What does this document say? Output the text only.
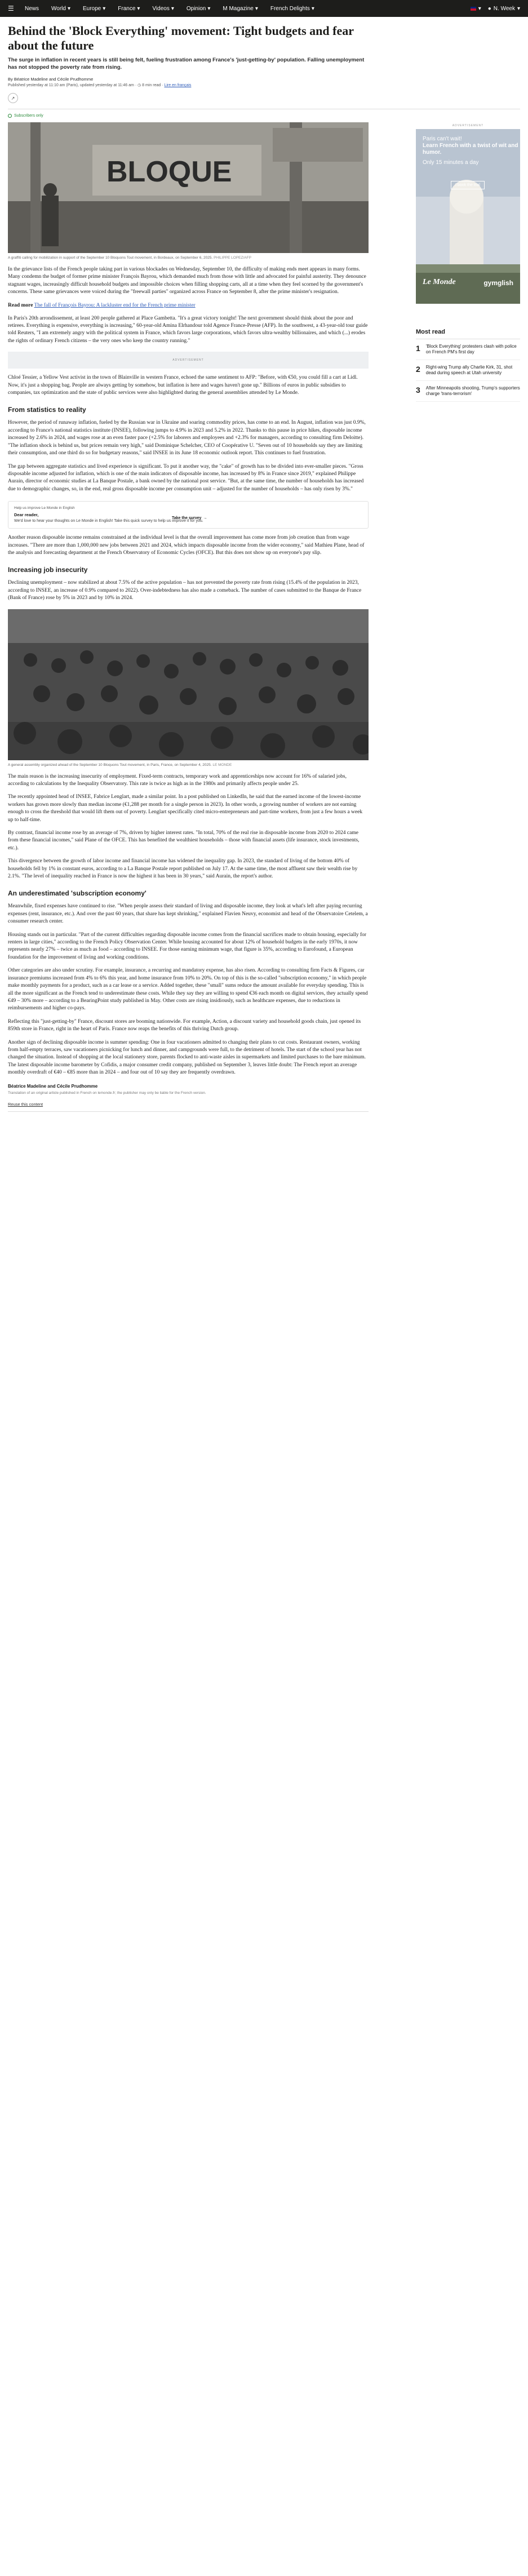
☰	News World ▾ Europe ▾ France ▾ Videos ▾ Opinion ▾ M Magazine ▾ French Delights ▾	▾ ● N. Week ▾
Behind the 'Block Everything' movement: Tight budgets and fear about the future
The surge in inflation in recent years is still being felt, fueling frustration among France's 'just-getting-by' population. Falling unemployment has not stopped the poverty rate from rising.
By Béatrice Madeline and Cécile Prudhomme
Published yesterday at 11:10 am (Paris), updated yesterday at 11:46 am · ◷ 8 min read · Lire en français
↗
Subscribers only
BLOQUE
A graffiti calling for mobilization in support of the September 10 Bloquons Tout movement, in Bordeaux, on September 6, 2025. PHILIPPE LOPEZ/AFP

In the grievance lists of the French people taking part in various blockades on Wednesday, September 10, the difficulty of making ends meet appears in many forms. Many condemn the budget of former prime minister François Bayrou, which demanded much from those with little and advocated for painful austerity. They denounce stagnant wages, increasingly difficult household budgets and impossible choices when filling shopping carts, all at a time when they feel scorned by the government's concerns. These same grievances were voiced during the "freewall parties" organized across France on September 8, after the prime minister's resignation.

Read more The fall of François Bayrou: A lackluster end for the French prime minister

In Paris's 20th arrondissement, at least 200 people gathered at Place Gambetta. "It's a great victory tonight! The next government should think about the poor and retirees. Everything is expensive, everything is increasing," 60-year-old Amina Elrhandour told Agence France-Presse (AFP). In the southwest, a 43-year-old tour guide told Reuters, "I am extremely angry with the political system in France, which favors large corporations, which favors ultra-wealthy billionaires, and which (...) erodes the rights of ordinary French citizens – the very ones who keep the country running."

ADVERTISEMENT

Chloé Tessier, a Yellow Vest activist in the town of Blainville in western France, echoed the same sentiment to AFP: "Before, with €50, you could fill a cart at Lidl. Now, it's just a shopping bag. People are always getting by somehow, but inflation is here and wages haven't gone up." Billions of euros in public subsidies to companies, tax optimization and the state of public services were also highlighted during the general assemblies attended by Le Monde.

From statistics to reality

However, the period of runaway inflation, fueled by the Russian war in Ukraine and soaring commodity prices, has come to an end. In August, inflation was just 0.9%, according to France's national statistics institute (INSEE), following jumps to 4.9% in 2023 and 5.2% in 2022. Thanks to this pause in price hikes, disposable income increased by 2.6% in 2024, and wages rose at an even faster pace (+2.5% for laborers and employees and +2.3% for managers, according to consulting firm Deloitte). "The inflation shock is behind us, but prices remain very high," said Dominique Schelcher, CEO of Coopérative U. "Seven out of 10 households say they are limiting their consumption, and one third do so for budgetary reasons," said INSEE in its June 18 economic outlook report. This continues to fuel frustration.

The gap between aggregate statistics and lived experience is significant. To put it another way, the "cake" of growth has to be divided into ever-smaller pieces. "Gross disposable income adjusted for inflation, which is one of the main indicators of disposable income, has increased by 8% in France since 2019," explained Philippe Aurain, director of economic studies at La Banque Postale, a bank owned by the national post service. "But, at the same time, the number of households has increased due to demographic changes, so, in the end, real gross disposable income per consumption unit – adjusted for the number of households – has only risen by 3%."

Help us improve Le Monde in English
Dear reader,
We'd love to hear your thoughts on Le Monde in English! Take this quick survey to help us improve it for you.
Take the survey →

Another reason disposable income remains constrained at the individual level is that the overall improvement has come more from job creation than from wage increases. "There are more than 1,000,000 new jobs between 2021 and 2024, which impacts disposable income from the wider economy," said Mathieu Plane, head of the analysis and forecasting department at the French Observatory of Economic Cycles (OFCE). But this does not show up on everyone's pay slip.

Increasing job insecurity

Declining unemployment – now stabilized at about 7.5% of the active population – has not prevented the poverty rate from rising (15.4% of the population in 2023, according to INSEE, an increase of 0.9% compared to 2022). Over-indebtedness has also made a comeback. The number of cases submitted to the Banque de France (Bank of France) rose by 5% in 2023 and by 10% in 2024.

A general assembly organized ahead of the September 10 Bloquons Tout movement, in Paris, France, on September 4, 2025. LE MONDE

The main reason is the increasing insecurity of employment. Fixed-term contracts, temporary work and apprenticeships now account for 16% of salaried jobs, according to calculations by the Inequality Observatory. This rate is twice as high as in the 1980s and primarily affects people under 25.

The recently appointed head of INSEE, Fabrice Lenglart, made a similar point. In a post published on LinkedIn, he said that the earned income of the lowest-income workers has grown more slowly than median income (€1,288 per month for a single person in 2023). In other words, a growing number of workers are not earning enough to cross the threshold that would lift them out of poverty. Lenglart specifically cited micro-entrepreneurs and part-time workers, from just a few hours a week up to half-time.

By contrast, financial income rose by an average of 7%, driven by higher interest rates. "In total, 70% of the real rise in disposable income from 2020 to 2024 came from these financial incomes," said Plane of the OFCE. This has benefited the wealthiest households – those with financial assets (life insurance, stock investments, etc.).

This divergence between the growth of labor income and financial income has widened the inequality gap. In 2023, the standard of living of the bottom 40% of households fell by 1% in constant euros, according to a La Banque Postale report published on July 17. At the same time, the most affluent saw their wealth rise by 2.1%. "The level of inequality reached in France is now the highest it has been in 30 years," said Aurain, the report's author.

An underestimated 'subscription economy'

Meanwhile, fixed expenses have continued to rise. "When people assess their standard of living and disposable income, they look at what's left after paying recurring expenses (rent, insurance, etc.). And over the past 60 years, that share has kept shrinking," explained Flavien Neuvy, economist and head of the Observatoire Cetelem, a consumer research center.

Housing stands out in particular. "Part of the current difficulties regarding disposable income comes from the financial sacrifices made to obtain housing, especially for renters in large cities," according to the French Policy Observation Center. While housing accounted for about 12% of household budgets in the early 1970s, it now represents nearly 27% – twice as much as food – according to INSEE. For those earning minimum wage, that figure is 35%, according to Eurofound, a European foundation for the improvement of living and working conditions.

Other categories are also under scrutiny. For example, insurance, a recurring and mandatory expense, has also risen. According to consulting firm Facts & Figures, car insurance premiums increased from 4% to 6% this year, and home insurance from 10% to 20%. On top of this is the so-called "subscription economy," in which people make monthly payments for a product, such as a car lease or a service. Added together, these "small" sums reduce the amount available for everyday spending. This is all the more significant as the French tend to underestimate these costs. While they say they are willing to spend €36 each month on digital services, they actually spend €49 – 30% more – according to a BearingPoint study published in May. Other costs are rising insidiously, such as healthcare expenses, due to reductions in reimbursements and higher co-pays.

Reflecting this "just-getting-by" France, discount stores are booming nationwide. For example, Action, a discount variety and household goods chain, just opened its 859th store in France, right in the heart of Paris. France now reaps the benefits of this thriving Dutch group.

Another sign of declining disposable income is summer spending: One in four vacationers admitted to changing their plans to cut costs. Restaurant owners, working from half-empty terraces, saw vacationers picnicking for lunch and dinner, and campgrounds were full, to the detriment of hotels. The start of the school year has not changed the situation. Instead of shopping at the local stationery store, parents flocked to anti-waste aisles in supermarkets and limited purchases to the bare minimum. The latest disposable income barometer by Cofidis, a major consumer credit company, published on September 3, leaves little doubt: The French report an average monthly overdraft of €40 – €85 more than in 2024 – and four out of 10 say they are frequently overdrawn.

Béatrice Madeline and Cécile Prudhomme
Translation of an original article published in French on lemonde.fr; the publisher may only be liable for the French version.
Reuse this content
ADVERTISEMENT
Paris can't wait!
Learn French with a twist of wit and humor.
Only 15 minutes a day
I book the trial
Le Monde	gymglish
Most read
1 'Block Everything' protesters clash with police on French PM's first day
2 Right-wing Trump ally Charlie Kirk, 31, shot dead during speech at Utah university
3 After Minneapolis shooting, Trump's supporters charge 'trans-terrorism'
